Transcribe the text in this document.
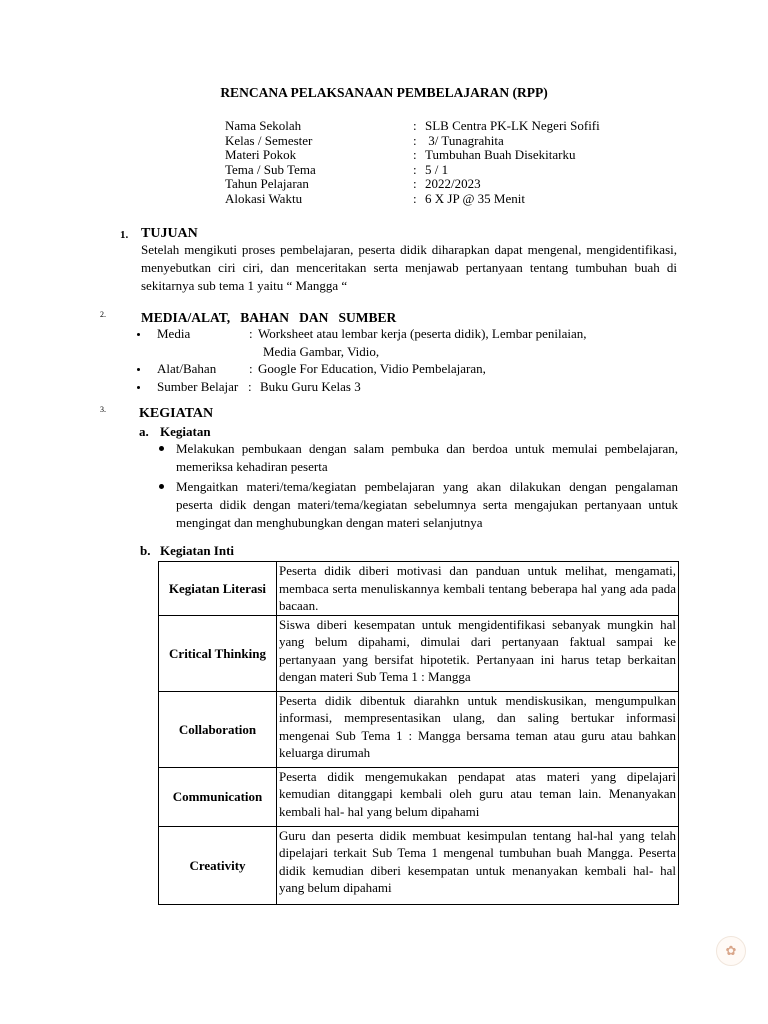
RENCANA PELAKSANAAN PEMBELAJARAN (RPP)
Nama Sekolah	: SLB Centra PK-LK Negeri Sofifi
Kelas / Semester	: 3/ Tunagrahita
Materi Pokok	: Tumbuhan Buah Disekitarku
Tema / Sub Tema	: 5 / 1
Tahun Pelajaran	: 2022/2023
Alokasi Waktu	: 6 X JP @ 35 Menit
1. TUJUAN
Setelah mengikuti proses pembelajaran, peserta didik diharapkan dapat mengenal, mengidentifikasi, menyebutkan ciri ciri, dan menceritakan serta menjawab pertanyaan tentang tumbuhan buah di sekitarnya sub tema 1 yaitu “ Mangga “
2.	MEDIA/ALAT,   BAHAN   DAN   SUMBER
Media	: Worksheet atau lembar kerja (peserta didik), Lembar penilaian,
Media Gambar, Vidio,
Alat/Bahan	: Google For Education, Vidio Pembelajaran,
Sumber Belajar : Buku Guru Kelas 3
3. KEGIATAN
a. Kegiatan
Melakukan pembukaan dengan salam pembuka dan berdoa untuk memulai pembelajaran, memeriksa kehadiran peserta
Mengaitkan materi/tema/kegiatan pembelajaran yang akan dilakukan dengan pengalaman peserta didik dengan materi/tema/kegiatan sebelumnya serta mengajukan pertanyaan untuk mengingat dan menghubungkan dengan materi selanjutnya
b. Kegiatan Inti
Kegiatan Literasi	Peserta didik diberi motivasi dan panduan untuk melihat, mengamati, membaca serta menuliskannya kembali tentang beberapa hal yang ada pada bacaan.
Critical Thinking	Siswa diberi kesempatan untuk mengidentifikasi sebanyak mungkin hal yang belum dipahami, dimulai dari pertanyaan faktual sampai ke pertanyaan yang bersifat hipotetik. Pertanyaan ini harus tetap berkaitan dengan materi Sub Tema 1 : Mangga
Collaboration	Peserta didik dibentuk diarahkn untuk mendiskusikan, mengumpulkan informasi, mempresentasikan ulang, dan saling bertukar informasi mengenai Sub Tema 1 : Mangga bersama teman atau guru atau bahkan keluarga dirumah
Communication	Peserta didik mengemukakan pendapat atas materi yang dipelajari kemudian ditanggapi kembali oleh guru atau teman lain. Menanyakan kembali hal- hal yang belum dipahami
Creativity	Guru dan peserta didik membuat kesimpulan tentang hal-hal yang telah dipelajari terkait Sub Tema 1 mengenal tumbuhan buah Mangga. Peserta didik kemudian diberi kesempatan untuk menanyakan kembali hal- hal yang belum dipahami
✿
